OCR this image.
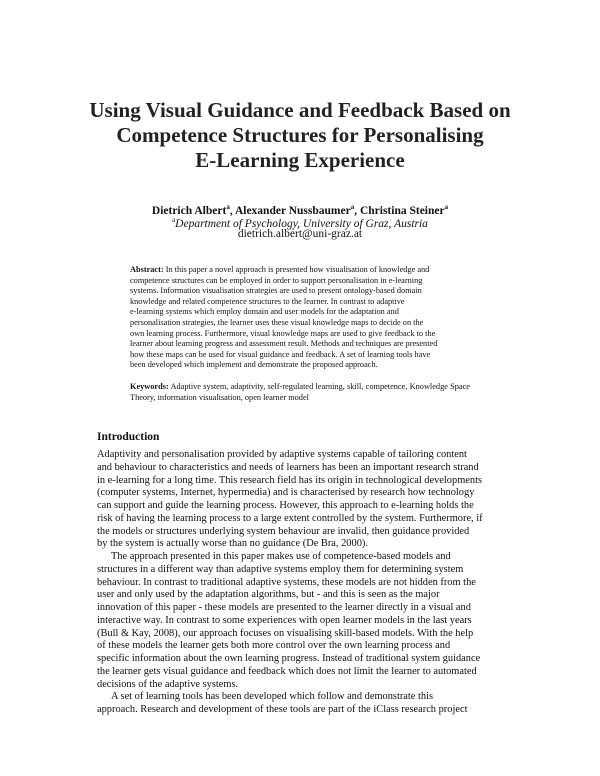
Using Visual Guidance and Feedback Based on
Competence Structures for Personalising
E-Learning Experience
Dietrich Albert$^a$, Alexander Nussbaumer$^a$, Christina Steiner$^a$
$^a$Department of Psychology, University of Graz, Austria
dietrich.albert@uni-graz.at
Abstract: In this paper a novel approach is presented how visualisation of knowledge and
competence structures can be employed in order to support personalisation in e-learning
systems. Information visualisation strategies are used to present ontology-based domain
knowledge and related competence structures to the learner. In contrast to adaptive
e-learning systems which employ domain and user models for the adaptation and
personalisation strategies, the learner uses these visual knowledge maps to decide on the
own learning process. Furthermore, visual knowledge maps are used to give feedback to the
learner about learning progress and assessment result. Methods and techniques are presented
how these maps can be used for visual guidance and feedback. A set of learning tools have
been developed which implement and demonstrate the proposed approach.
Keywords: Adaptive system, adaptivity, self-regulated learning, skill, competence, Knowledge Space Theory, information visualisation, open learner model
Introduction
Adaptivity and personalisation provided by adaptive systems capable of tailoring content
and behaviour to characteristics and needs of learners has been an important research strand
in e-learning for a long time. This research field has its origin in technological developments
(computer systems, Internet, hypermedia) and is characterised by research how technology
can support and guide the learning process. However, this approach to e-learning holds the
risk of having the learning process to a large extent controlled by the system. Furthermore, if
the models or structures underlying system behaviour are invalid, then guidance provided
by the system is actually worse than no guidance (De Bra, 2000).
The approach presented in this paper makes use of competence-based models and
structures in a different way than adaptive systems employ them for determining system
behaviour. In contrast to traditional adaptive systems, these models are not hidden from the
user and only used by the adaptation algorithms, but - and this is seen as the major
innovation of this paper - these models are presented to the learner directly in a visual and
interactive way. In contrast to some experiences with open learner models in the last years
(Bull & Kay, 2008), our approach focuses on visualising skill-based models. With the help
of these models the learner gets both more control over the own learning process and
specific information about the own learning progress. Instead of traditional system guidance
the learner gets visual guidance and feedback which does not limit the learner to automated
decisions of the adaptive systems.
A set of learning tools has been developed which follow and demonstrate this
approach. Research and development of these tools are part of the iClass research project
